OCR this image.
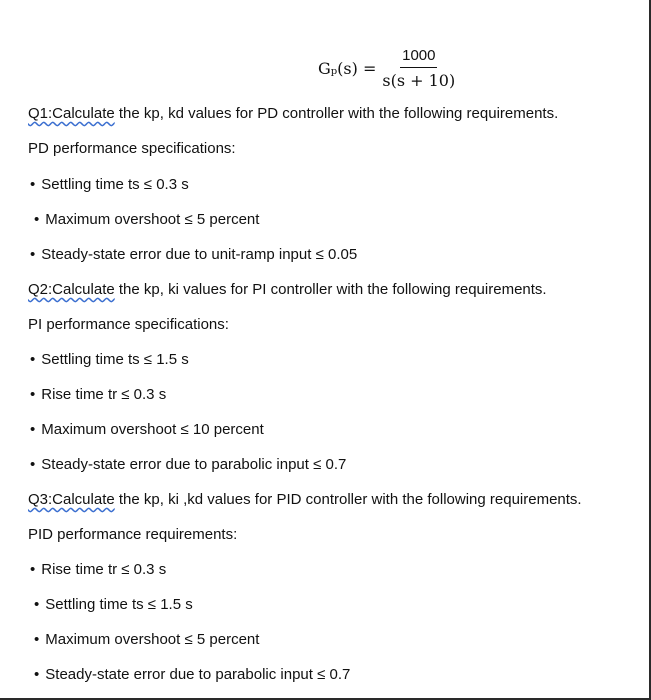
$G_p(s) = \frac{1000}{s(s + 10)}$
Q1:Calculate the kp, kd values for PD controller with the following requirements.
PD performance specifications:
• Settling time ts ≤ 0.3 s
• Maximum overshoot ≤ 5 percent
• Steady-state error due to unit-ramp input ≤ 0.05
Q2:Calculate the kp, ki values for PI controller with the following requirements.
PI performance specifications:
• Settling time ts ≤ 1.5 s
• Rise time tr ≤ 0.3 s
• Maximum overshoot ≤ 10 percent
• Steady-state error due to parabolic input ≤ 0.7
Q3:Calculate the kp, ki ,kd values for PID controller with the following requirements.
PID performance requirements:
• Rise time tr ≤ 0.3 s
• Settling time ts ≤ 1.5 s
• Maximum overshoot ≤ 5 percent
• Steady-state error due to parabolic input ≤ 0.7
